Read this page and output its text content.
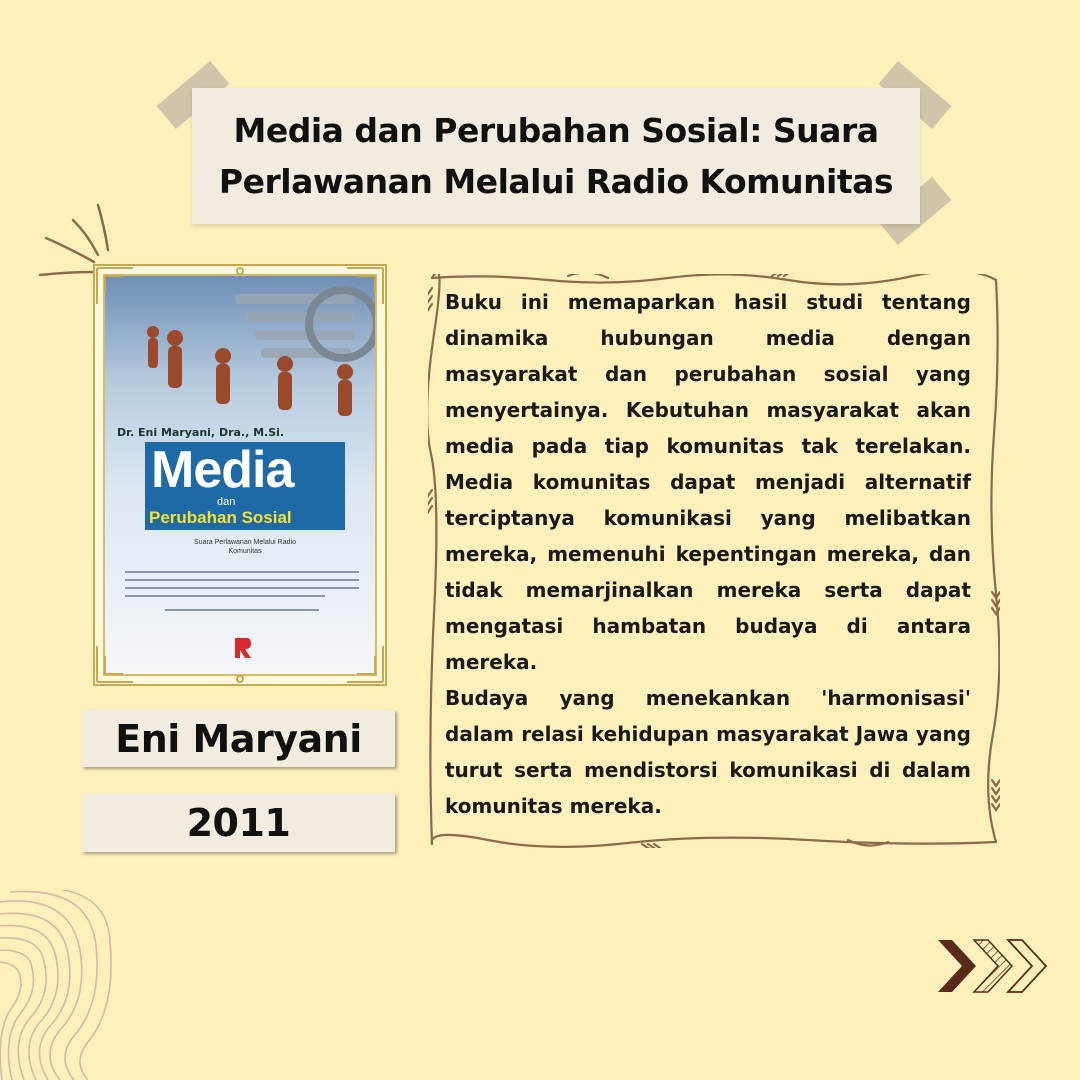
Media dan Perubahan Sosial: Suara
Perlawanan Melalui Radio Komunitas
Dr. Eni Maryani, Dra., M.Si.
Media
dan
Perubahan Sosial
Suara Perlawanan Melalui Radio Komunitas
Eni Maryani
2011

Buku ini memaparkan hasil studi tentang dinamika hubungan media dengan masyarakat dan perubahan sosial yang menyertainya. Kebutuhan masyarakat akan media pada tiap komunitas tak terelakan. Media komunitas dapat menjadi alternatif terciptanya komunikasi yang melibatkan mereka, memenuhi kepentingan mereka, dan tidak memarjinalkan mereka serta dapat mengatasi hambatan budaya di antara mereka.

Budaya yang menekankan 'harmonisasi' dalam relasi kehidupan masyarakat Jawa yang turut serta mendistorsi komunikasi di dalam komunitas mereka.
